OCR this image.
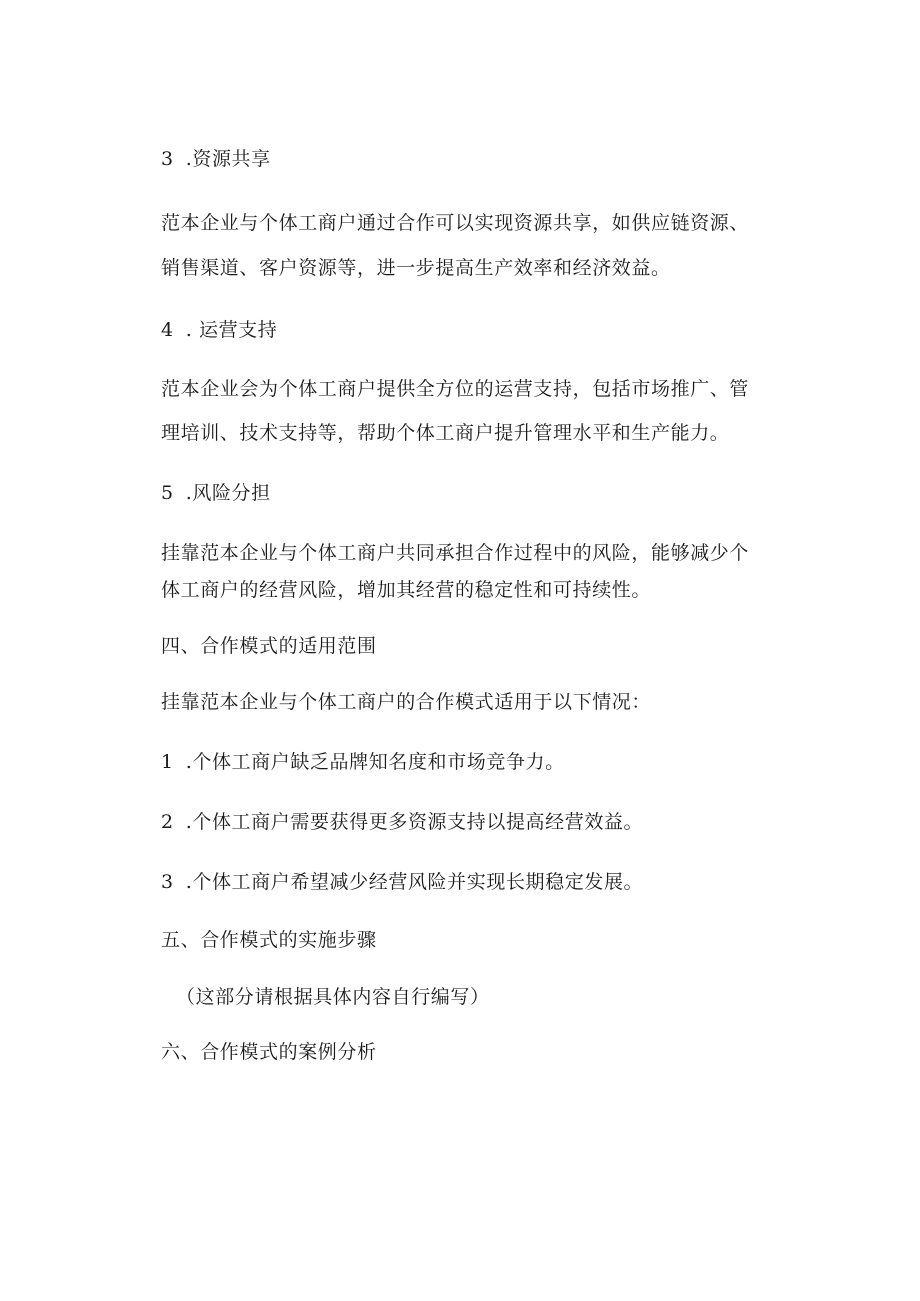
3 .资源共享
范本企业与个体工商户通过合作可以实现资源共享，如供应链资源、
销售渠道、客户资源等，进一步提高生产效率和经济效益。
4 . 运营支持
范本企业会为个体工商户提供全方位的运营支持，包括市场推广、管
理培训、技术支持等，帮助个体工商户提升管理水平和生产能力。
5 .风险分担
挂靠范本企业与个体工商户共同承担合作过程中的风险，能够减少个
体工商户的经营风险，增加其经营的稳定性和可持续性。
四、合作模式的适用范围
挂靠范本企业与个体工商户的合作模式适用于以下情况：
1 .个体工商户缺乏品牌知名度和市场竞争力。
2 .个体工商户需要获得更多资源支持以提高经营效益。
3 .个体工商户希望减少经营风险并实现长期稳定发展。
五、合作模式的实施步骤
（这部分请根据具体内容自行编写）
六、合作模式的案例分析
